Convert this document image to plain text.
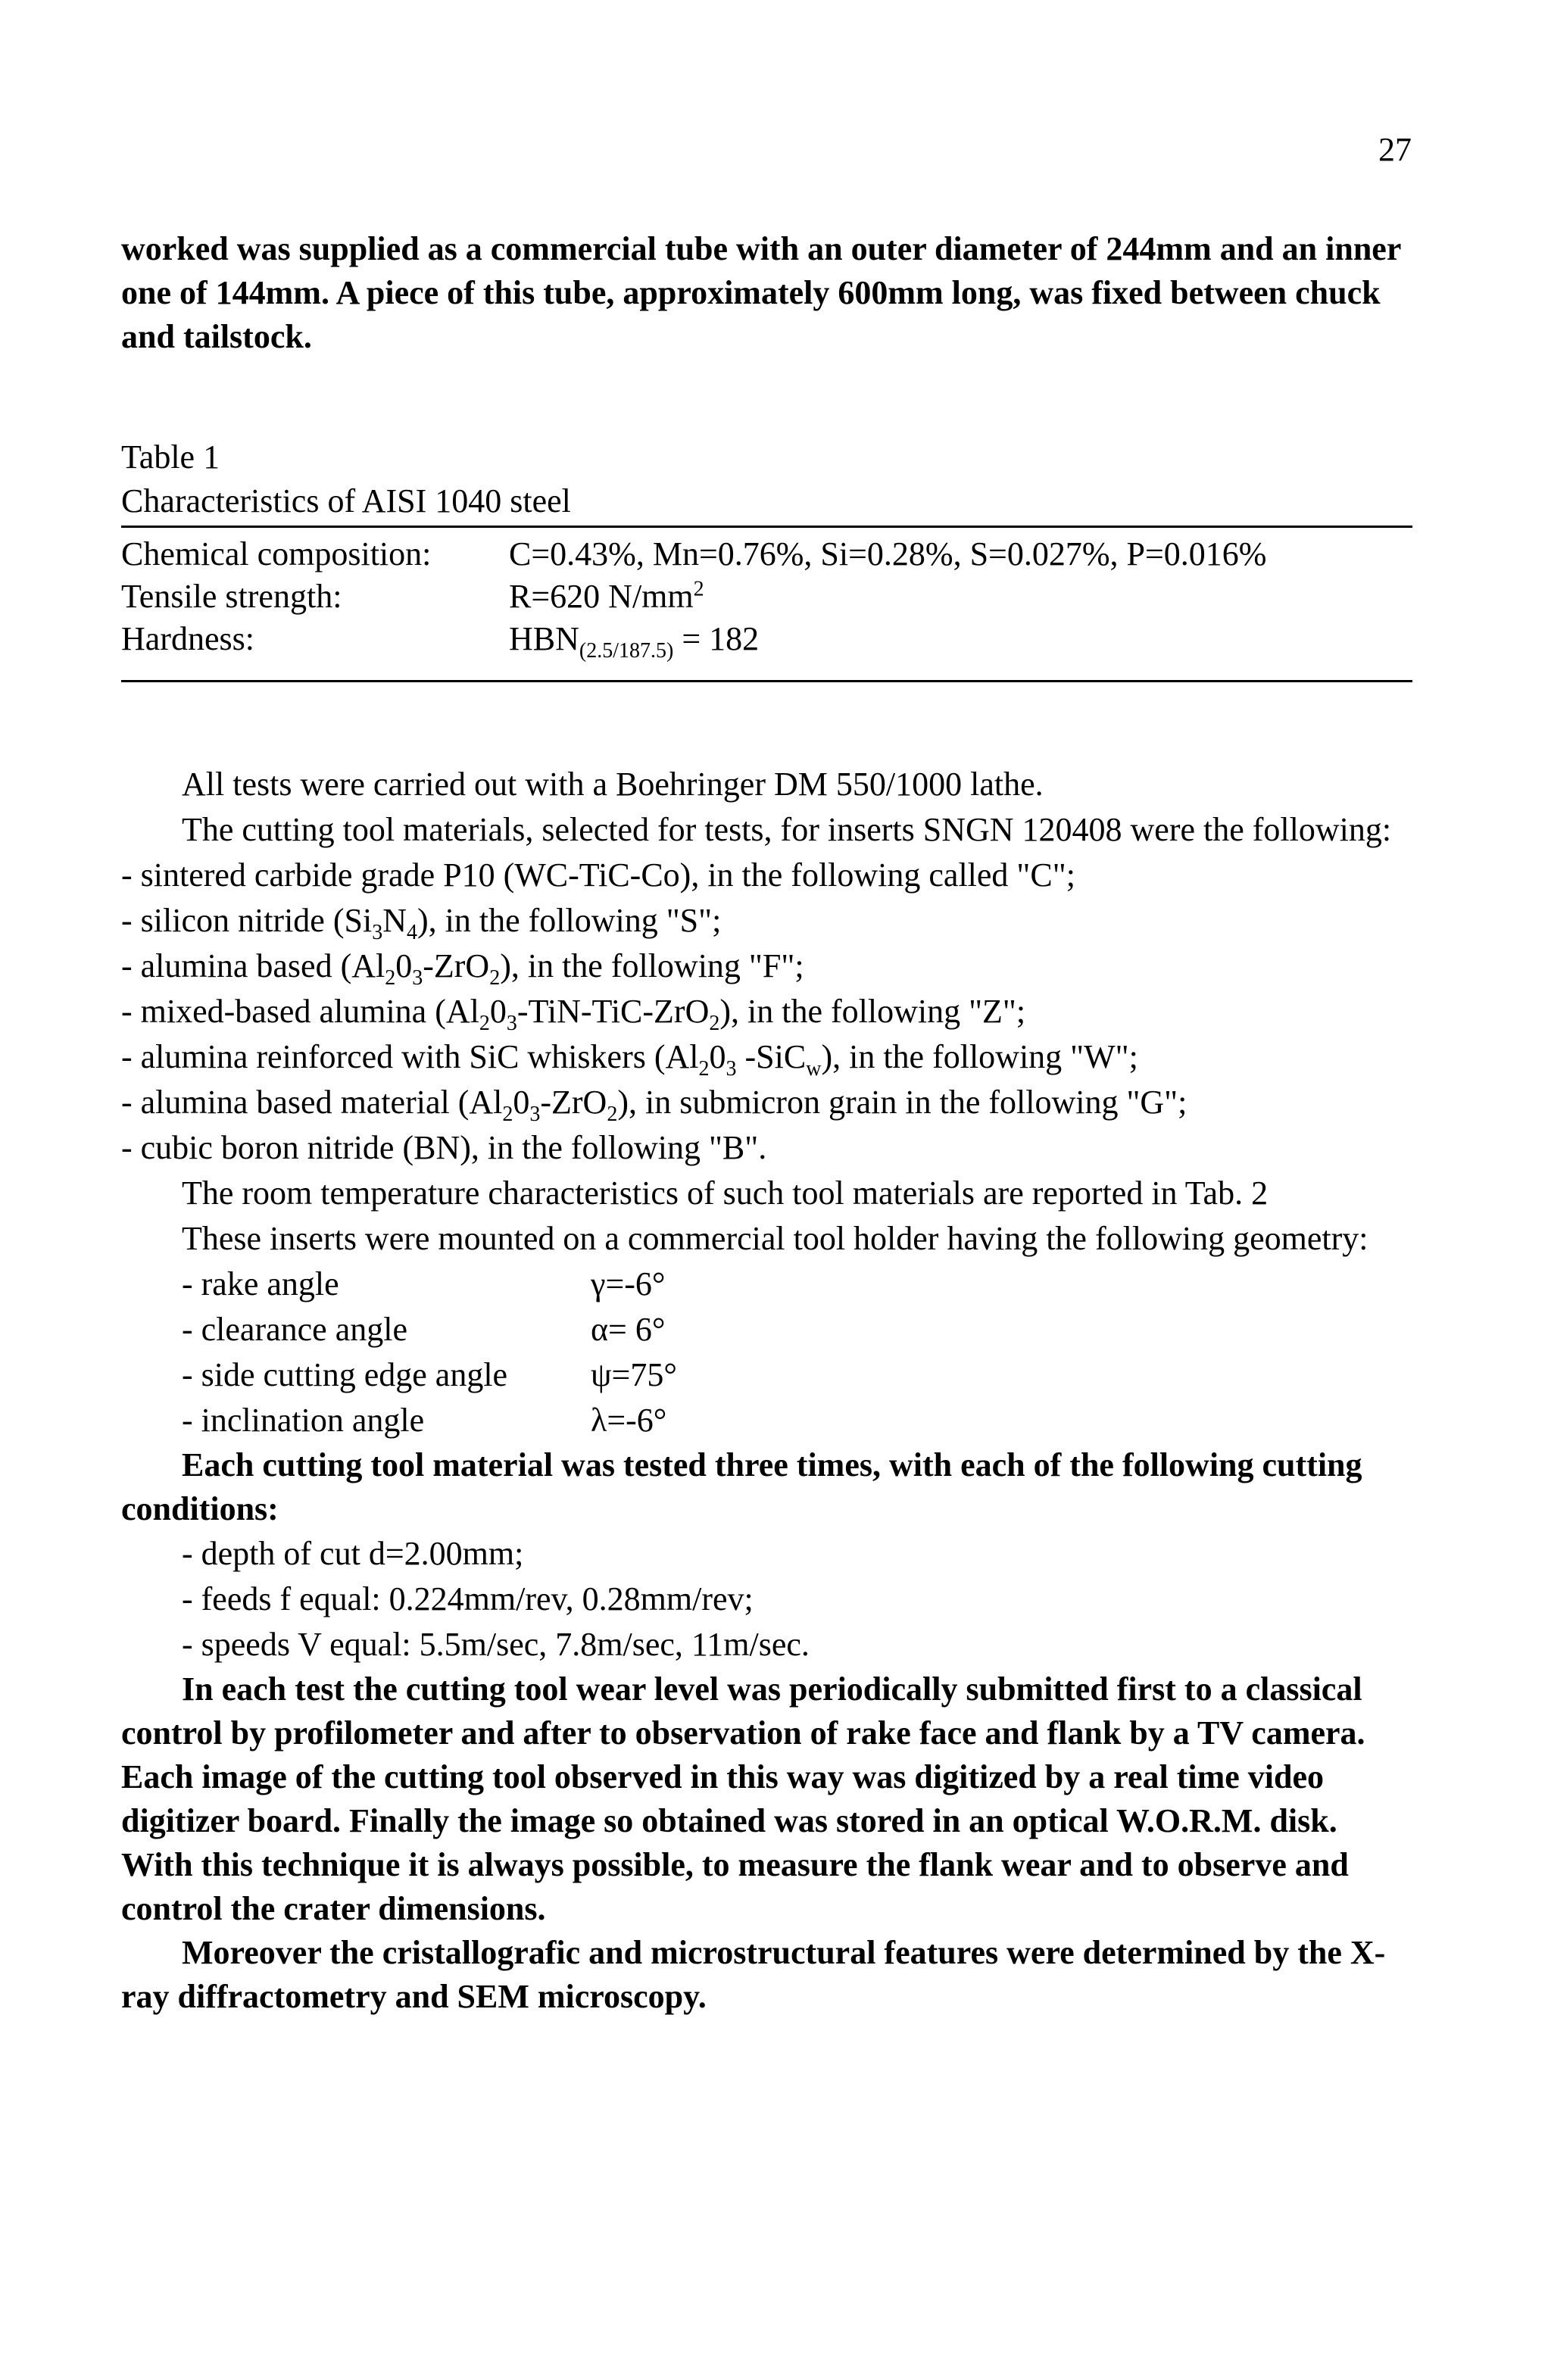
27
worked was supplied as a commercial tube with an outer diameter of 244mm and an inner one of 144mm. A piece of this tube, approximately 600mm long, was fixed between chuck and tailstock.
Table 1
Characteristics of AISI 1040 steel
Chemical composition: C=0.43%, Mn=0.76%, Si=0.28%, S=0.027%, P=0.016%
Tensile strength:	R=620 $N/mm^2$
Hardness:	$HBN_{(2.5/187.5)} = 182$

All tests were carried out with a Boehringer DM 550/1000 lathe.

The cutting tool materials, selected for tests, for inserts SNGN 120408 were the following:

- sintered carbide grade P10 (WC-TiC-Co), in the following called "C";

- silicon nitride $(Si_3N_4)$, in the following "S";

- alumina based $(Al_20_3-ZrO_2)$, in the following "F";

- mixed-based alumina $(Al_20_3-TiN-TiC-ZrO_2)$, in the following "Z";

- alumina reinforced with SiC whiskers ($Al_20_3$ -SiC$_w$), in the following "W";

- alumina based material $(Al_20_3-ZrO_2)$, in submicron grain in the following "G";

- cubic boron nitride (BN), in the following "B".

The room temperature characteristics of such tool materials are reported in Tab. 2

These inserts were mounted on a commercial tool holder having the following geometry:

- rake angle	γ=-6°
- clearance angle	α= 6°
- side cutting edge angle ψ=75°
- inclination angle	λ=-6°

Each cutting tool material was tested three times, with each of the following cutting conditions:

- depth of cut d=2.00mm;

- feeds f equal: 0.224mm/rev, 0.28mm/rev;

- speeds V equal: 5.5m/sec, 7.8m/sec, 11m/sec.

In each test the cutting tool wear level was periodically submitted first to a classical control by profilometer and after to observation of rake face and flank by a TV camera. Each image of the cutting tool observed in this way was digitized by a real time video digitizer board. Finally the image so obtained was stored in an optical W.O.R.M. disk. With this technique it is always possible, to measure the flank wear and to observe and control the crater dimensions.

Moreover the cristallografic and microstructural features were determined by the X-ray diffractometry and SEM microscopy.
